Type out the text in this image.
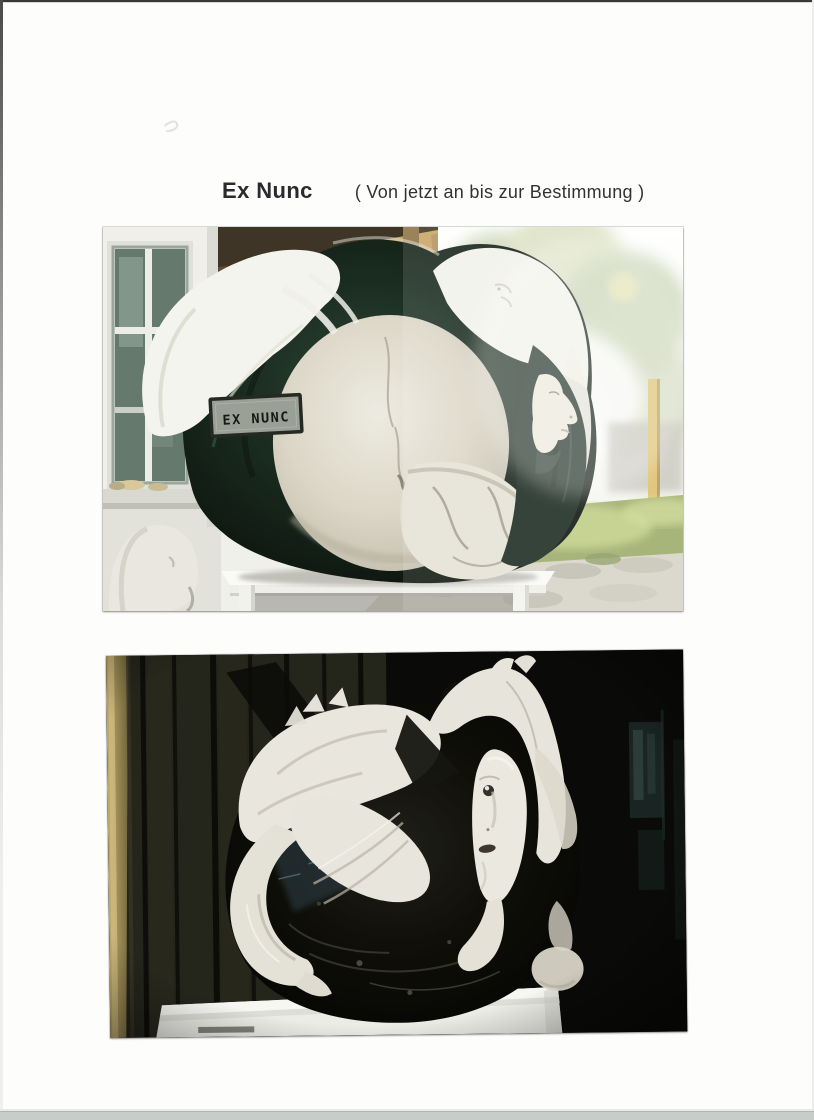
Ex Nunc ( Von jetzt an bis zur Bestimmung )
EX NUNC
